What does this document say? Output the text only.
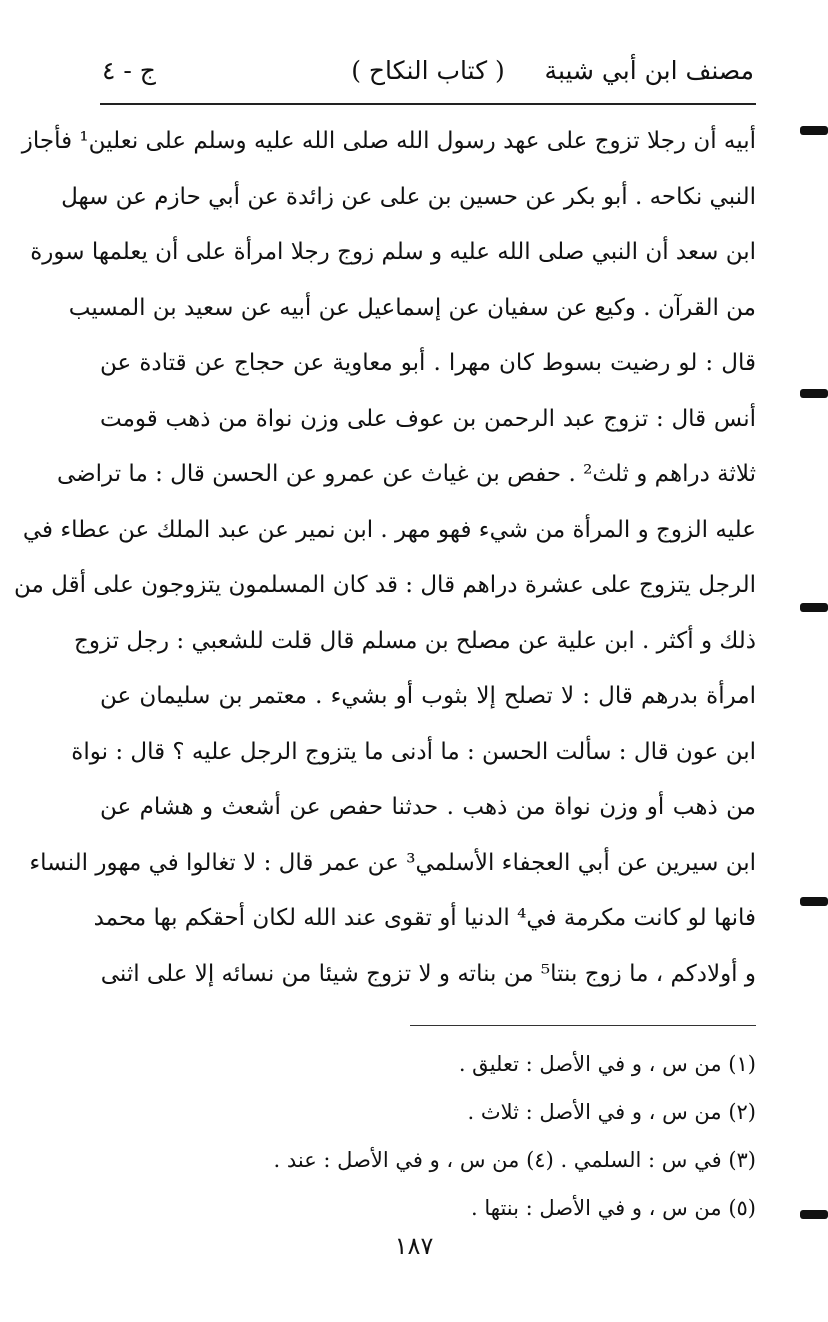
مصنف ابن أبي شيبة
( كتاب النكاح )
ج - ٤
أبيه أن رجلا تزوج على عهد رسول الله صلى الله عليه وسلم على نعلين¹ فأجاز
النبي نكاحه . أبو بكر عن حسين بن على عن زائدة عن أبي حازم عن سهل
ابن سعد أن النبي صلى الله عليه و سلم زوج رجلا امرأة على أن يعلمها سورة
من القرآن . وكيع عن سفيان عن إسماعيل عن أبيه عن سعيد بن المسيب
قال : لو رضيت بسوط كان مهرا . أبو معاوية عن حجاج عن قتادة عن
أنس قال : تزوج عبد الرحمن بن عوف على وزن نواة من ذهب قومت
ثلاثة دراهم و ثلث² . حفص بن غياث عن عمرو عن الحسن قال : ما تراضى
عليه الزوج و المرأة من شيء فهو مهر . ابن نمير عن عبد الملك عن عطاء في
الرجل يتزوج على عشرة دراهم قال : قد كان المسلمون يتزوجون على أقل من
ذلك و أكثر . ابن علية عن مصلح بن مسلم قال قلت للشعبي : رجل تزوج
امرأة بدرهم قال : لا تصلح إلا بثوب أو بشيء . معتمر بن سليمان عن
ابن عون قال : سألت الحسن : ما أدنى ما يتزوج الرجل عليه ؟ قال : نواة
من ذهب أو وزن نواة من ذهب . حدثنا حفص عن أشعث و هشام عن
ابن سيرين عن أبي العجفاء الأسلمي³ عن عمر قال : لا تغالوا في مهور النساء
فانها لو كانت مكرمة في⁴ الدنيا أو تقوى عند الله لكان أحقكم بها محمد
و أولادكم ، ما زوج بنتا⁵ من بناته و لا تزوج شيئا من نسائه إلا على اثنى
(١) من س ، و في الأصل : تعليق .
(٢) من س ، و في الأصل : ثلاث .
(٣) في س : السلمي . (٤) من س ، و في الأصل : عند .
(٥) من س ، و في الأصل : بنتها .
١٨٧
